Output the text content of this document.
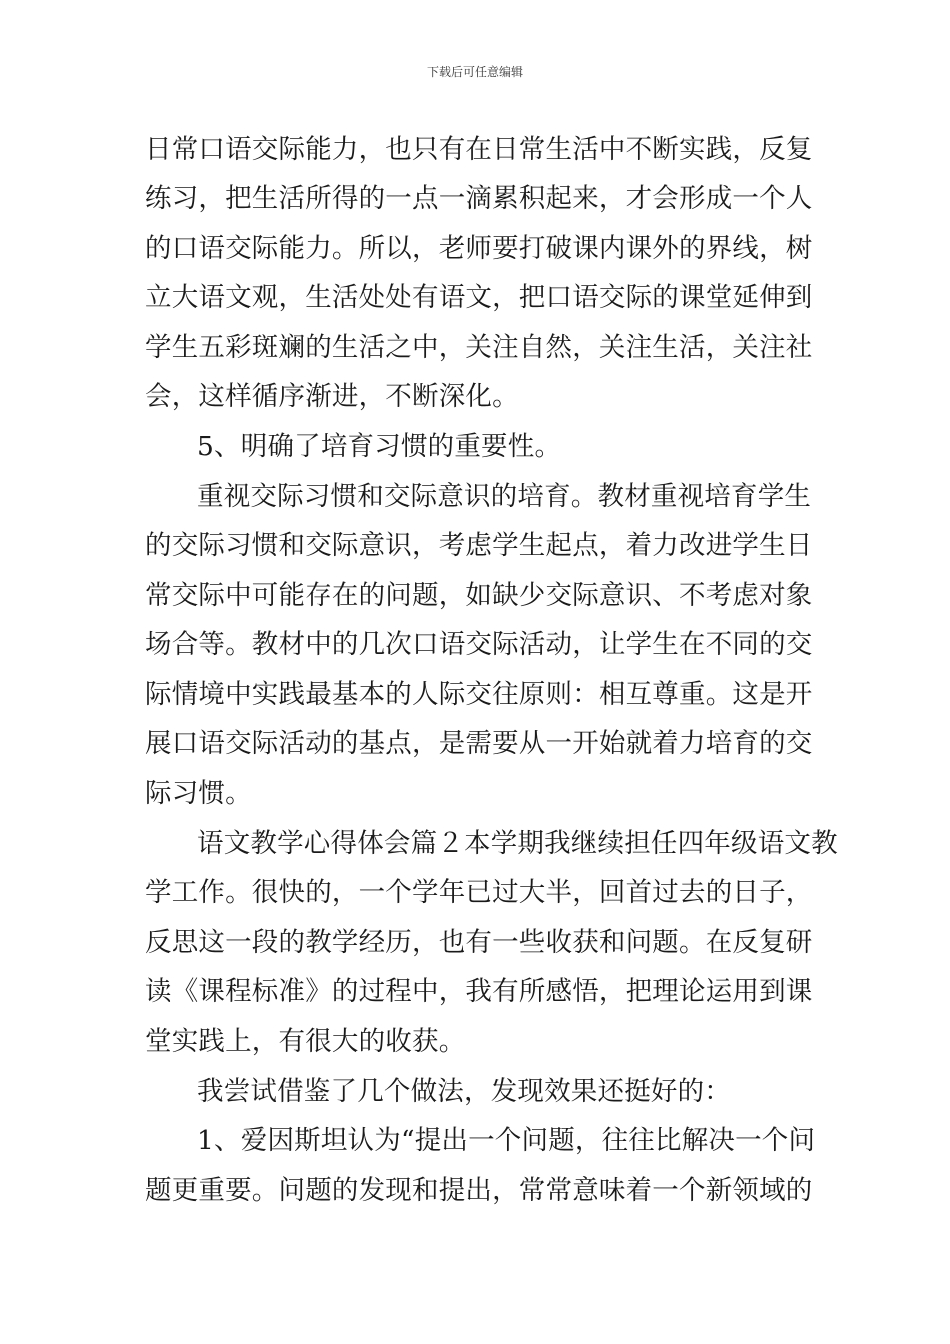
下载后可任意编辑
日常口语交际能力，也只有在日常生活中不断实践，反复
练习，把生活所得的一点一滴累积起来，才会形成一个人
的口语交际能力。所以，老师要打破课内课外的界线，树
立大语文观，生活处处有语文，把口语交际的课堂延伸到
学生五彩斑斓的生活之中，关注自然，关注生活，关注社
会，这样循序渐进，不断深化。
5、明确了培育习惯的重要性。
重视交际习惯和交际意识的培育。教材重视培育学生
的交际习惯和交际意识，考虑学生起点，着力改进学生日
常交际中可能存在的问题，如缺少交际意识、不考虑对象
场合等。教材中的几次口语交际活动，让学生在不同的交
际情境中实践最基本的人际交往原则：相互尊重。这是开
展口语交际活动的基点，是需要从一开始就着力培育的交
际习惯。
语文教学心得体会篇２本学期我继续担任四年级语文教
学工作。很快的，一个学年已过大半，回首过去的日子，
反思这一段的教学经历，也有一些收获和问题。在反复研
读《课程标准》的过程中，我有所感悟，把理论运用到课
堂实践上，有很大的收获。
我尝试借鉴了几个做法，发现效果还挺好的：
1、爱因斯坦认为“提出一个问题，往往比解决一个问
题更重要。问题的发现和提出，常常意味着一个新领域的
